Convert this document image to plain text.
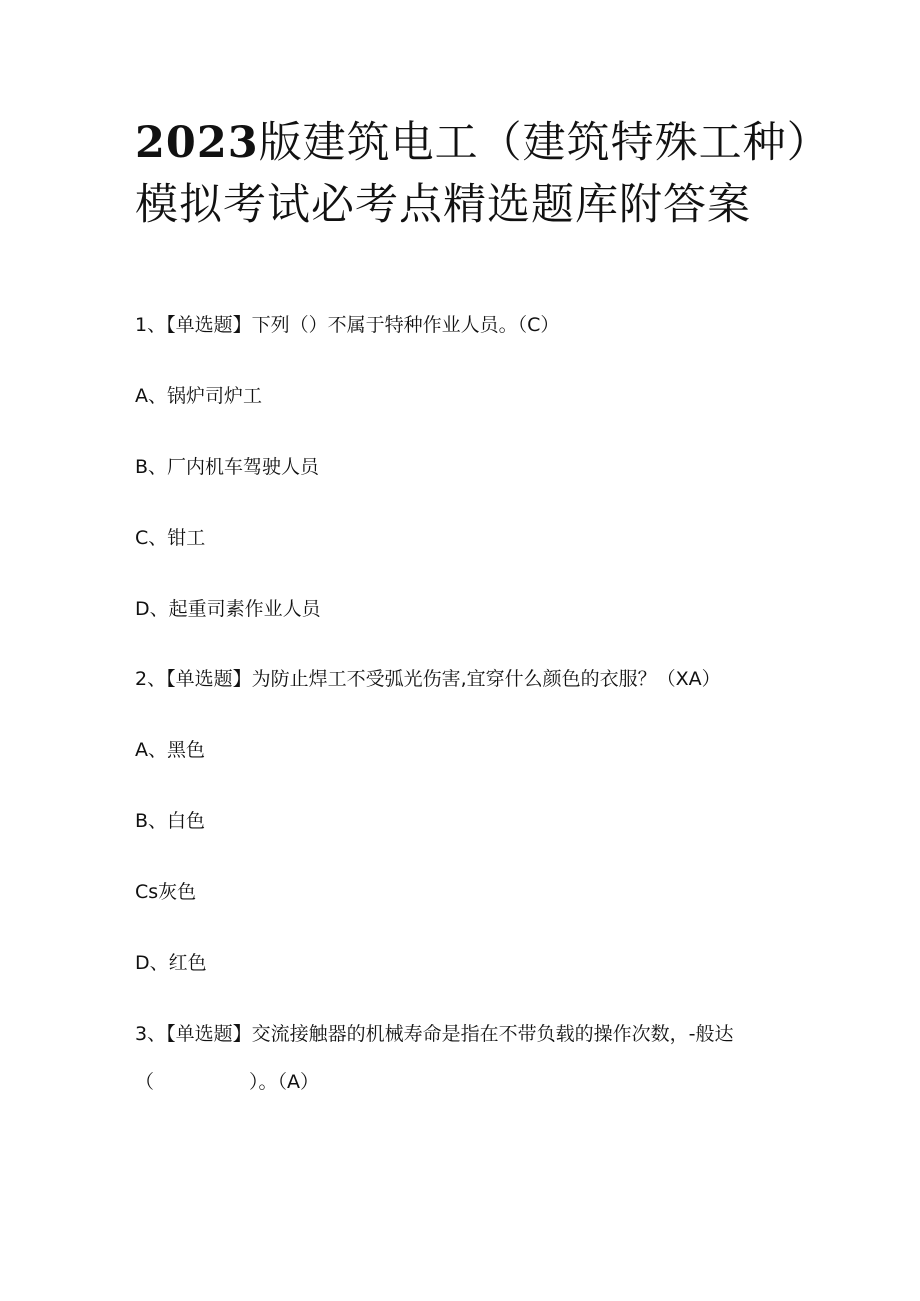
2023版建筑电工（建筑特殊工种）
模拟考试必考点精选题库附答案

1、【单选题】下列（）不属于特种作业人员。（C）

A、锅炉司炉工

B、厂内机车驾驶人员

C、钳工

D、起重司素作业人员

2、【单选题】为防止焊工不受弧光伤害,宜穿什么颜色的衣服？（XA）

A、黑色

B、白色

Cs灰色

D、红色

3、【单选题】交流接触器的机械寿命是指在不带负载的操作次数，-般达

（　　　　　）。（A）
